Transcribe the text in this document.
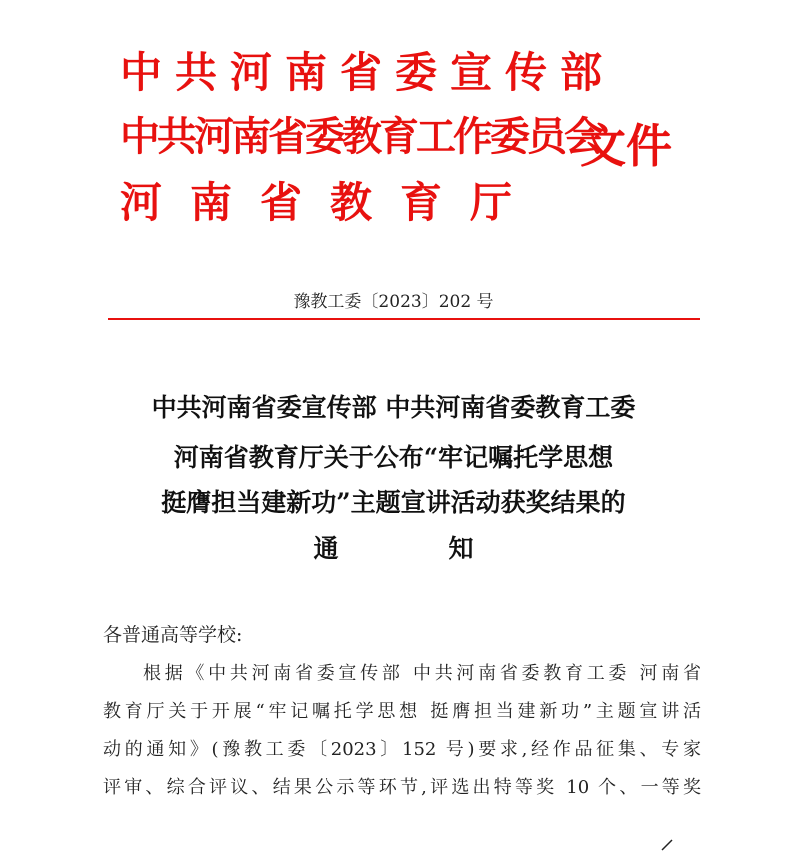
中共河南省委宣传部
中共河南省委教育工作委员会
河南省教育厅
文件

豫教工委〔2023〕202 号

中共河南省委宣传部 中共河南省委教育工委

河南省教育厅关于公布“牢记嘱托学思想

挺膺担当建新功”主题宣讲活动获奖结果的

通知

各普通高等学校:

根据《中共河南省委宣传部 中共河南省委教育工委 河南省

教育厅关于开展“牢记嘱托学思想 挺膺担当建新功”主题宣讲活

动的通知》(豫教工委〔2023〕152 号)要求,经作品征集、专家

评审、综合评议、结果公示等环节,评选出特等奖 10 个、一等奖
